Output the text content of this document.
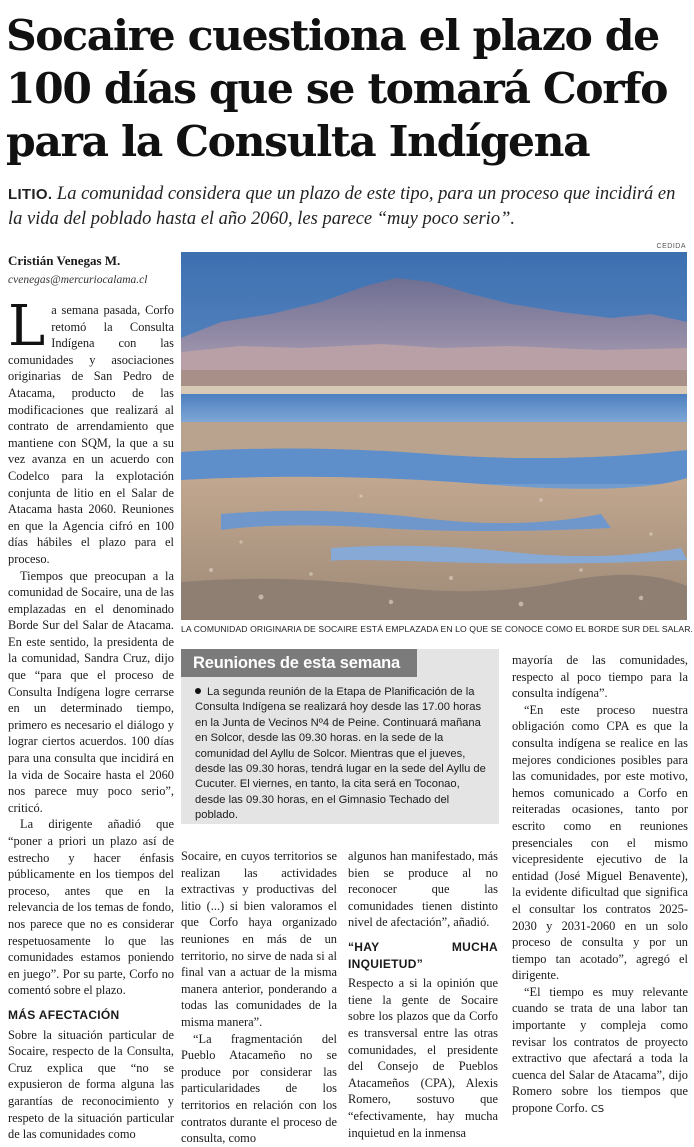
Socaire cuestiona el plazo de
100 días que se tomará Corfo
para la Consulta Indígena
LITIO. La comunidad considera que un plazo de este tipo, para un proceso que incidirá en la vida del poblado hasta el año 2060, les parece “muy poco serio”.
Cristián Venegas M.
cvenegas@mercuriocalama.cl
CEDIDA
LA COMUNIDAD ORIGINARIA DE SOCAIRE ESTÁ EMPLAZADA EN LO QUE SE CONOCE COMO EL BORDE SUR DEL SALAR.

La semana pasada, Corfo retomó la Consulta Indígena con las comunidades y asociaciones originarias de San Pedro de Atacama, producto de las modificaciones que realizará al contrato de arrendamiento que mantiene con SQM, la que a su vez avanza en un acuerdo con Codelco para la explotación conjunta de litio en el Salar de Atacama hasta 2060. Reuniones en que la Agencia cifró en 100 días hábiles el plazo para el proceso.

Tiempos que preocupan a la comunidad de Socaire, una de las emplazadas en el denominado Borde Sur del Salar de Atacama. En este sentido, la presidenta de la comunidad, Sandra Cruz, dijo que “para que el proceso de Consulta Indígena logre cerrarse en un determinado tiempo, primero es necesario el diálogo y lograr ciertos acuerdos. 100 días para una consulta que incidirá en la vida de Socaire hasta el 2060 nos parece muy poco serio”, criticó.

La dirigente añadió que “poner a priori un plazo así de estrecho y hacer énfasis públicamente en los tiempos del proceso, antes que en la relevancia de los temas de fondo, nos parece que no es considerar respetuosamente lo que las comunidades estamos poniendo en juego”. Por su parte, Corfo no comentó sobre el plazo.

MÁS AFECTACIÓN

Sobre la situación particular de Socaire, respecto de la Consulta, Cruz explica que “no se expusieron de forma alguna las garantías de reconocimiento y respeto de la situación particular de las comunidades como

Reuniones de esta semana
La segunda reunión de la Etapa de Planificación de la Consulta Indígena se realizará hoy desde las 17.00 horas en la Junta de Vecinos Nº4 de Peine. Continuará mañana en Solcor, desde las 09.30 horas. en la sede de la comunidad del Ayllu de Solcor. Mientras que el jueves, desde las 09.30 horas, tendrá lugar en la sede del Ayllu de Cucuter. El viernes, en tanto, la cita será en Toconao, desde las 09.30 horas, en el Gimnasio Techado del poblado.

Socaire, en cuyos territorios se realizan las actividades extractivas y productivas del litio (...) si bien valoramos el que Corfo haya organizado reuniones en más de un territorio, no sirve de nada si al final van a actuar de la misma manera anterior, ponderando a todas las comunidades de la misma manera”.

“La fragmentación del Pueblo Atacameño no se produce por considerar las particularidades de los territorios en relación con los contratos durante el proceso de consulta, como

algunos han manifestado, más bien se produce al no reconocer que las comunidades tienen distinto nivel de afectación”, añadió.

“HAY MUCHA INQUIETUD”

Respecto a si la opinión que tiene la gente de Socaire sobre los plazos que da Corfo es transversal entre las otras comunidades, el presidente del Consejo de Pueblos Atacameños (CPA), Alexis Romero, sostuvo que “efectivamente, hay mucha inquietud en la inmensa

mayoría de las comunidades, respecto al poco tiempo para la consulta indígena”.

“En este proceso nuestra obligación como CPA es que la consulta indígena se realice en las mejores condiciones posibles para las comunidades, por este motivo, hemos comunicado a Corfo en reiteradas ocasiones, tanto por escrito como en reuniones presenciales con el mismo vicepresidente ejecutivo de la entidad (José Miguel Benavente), la evidente dificultad que significa el consultar los contratos 2025-2030 y 2031-2060 en un solo proceso de consulta y por un tiempo tan acotado”, agregó el dirigente.

“El tiempo es muy relevante cuando se trata de una labor tan importante y compleja como revisar los contratos de proyecto extractivo que afectará a toda la cuenca del Salar de Atacama”, dijo Romero sobre los tiempos que propone Corfo. CS
